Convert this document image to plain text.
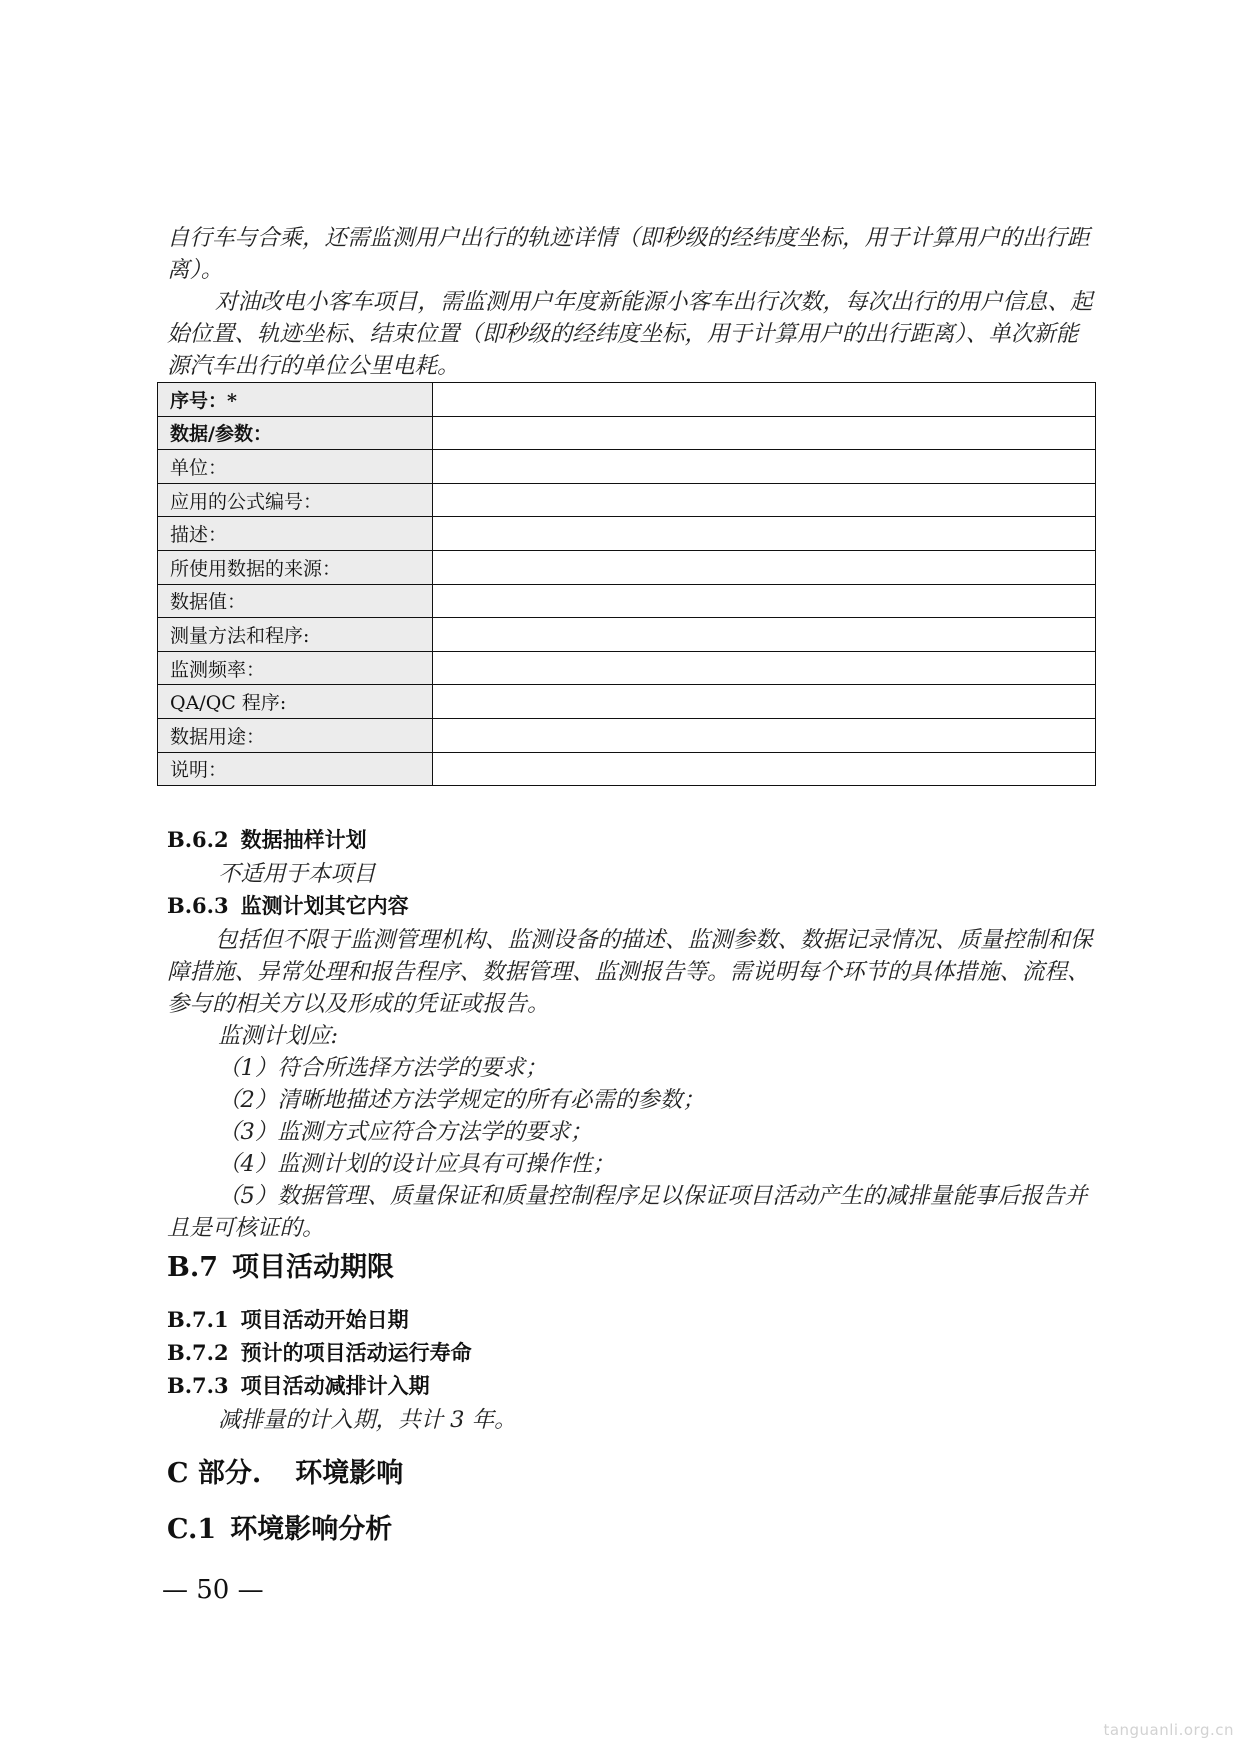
自行车与合乘，还需监测用户出行的轨迹详情（即秒级的经纬度坐标，用于计算用户的出行距离）。
对油改电小客车项目，需监测用户年度新能源小客车出行次数，每次出行的用户信息、起始位置、轨迹坐标、结束位置（即秒级的经纬度坐标，用于计算用户的出行距离）、单次新能源汽车出行的单位公里电耗。
序号：*	
数据/参数：	
单位：	
应用的公式编号：	
描述：	
所使用数据的来源：	
数据值：	
测量方法和程序:	
监测频率：	
QA/QC 程序:	
数据用途：	
说明：	
B.6.2 数据抽样计划
不适用于本项目
B.6.3 监测计划其它内容
包括但不限于监测管理机构、监测设备的描述、监测参数、数据记录情况、质量控制和保障措施、异常处理和报告程序、数据管理、监测报告等。需说明每个环节的具体措施、流程、参与的相关方以及形成的凭证或报告。
监测计划应:
（1）符合所选择方法学的要求；
（2）清晰地描述方法学规定的所有必需的参数；
（3）监测方式应符合方法学的要求；
（4）监测计划的设计应具有可操作性；
（5）数据管理、质量保证和质量控制程序足以保证项目活动产生的减排量能事后报告并且是可核证的。
B.7 项目活动期限
B.7.1 项目活动开始日期
B.7.2 预计的项目活动运行寿命
B.7.3 项目活动减排计入期
减排量的计入期，共计 3 年。
C 部分. 环境影响
C.1 环境影响分析
— 50 —
tanguanli.org.cn
